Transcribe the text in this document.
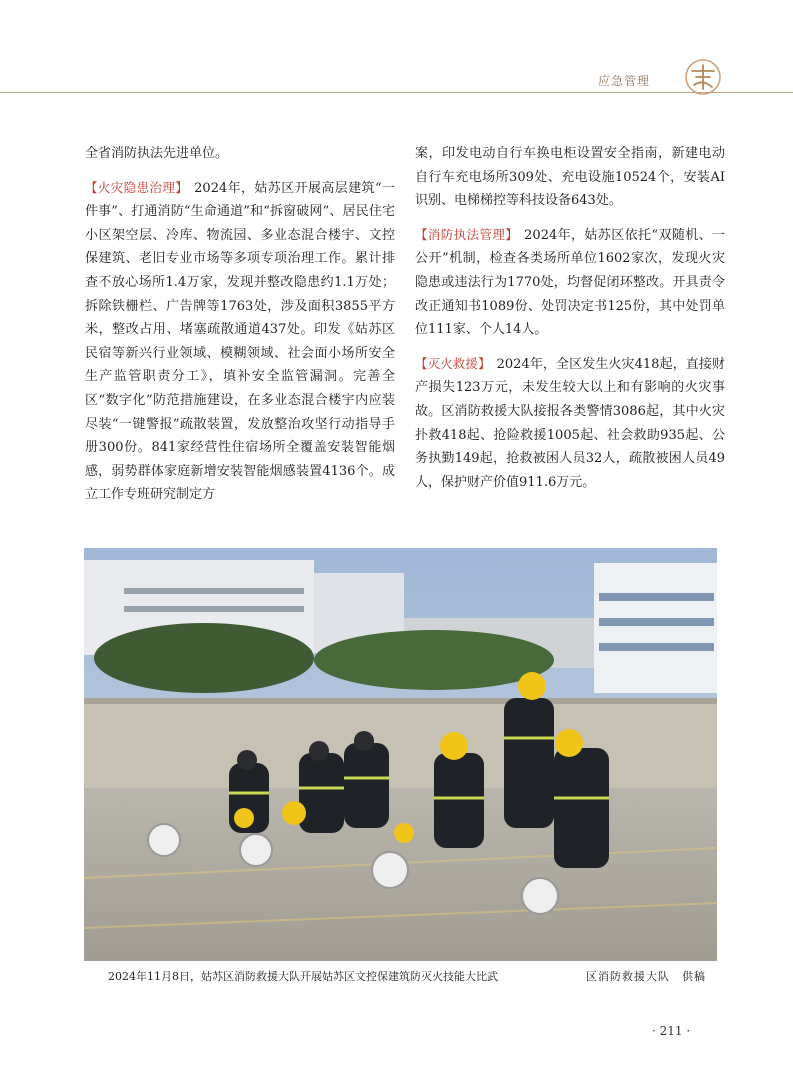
应急管理

全省消防执法先进单位。

【火灾隐患治理】 2024年，姑苏区开展高层建筑“一件事”、打通消防“生命通道”和“拆窗破网”、居民住宅小区架空层、冷库、物流园、多业态混合楼宇、文控保建筑、老旧专业市场等多项专项治理工作。累计排查不放心场所1.4万家，发现并整改隐患约1.1万处；拆除铁栅栏、广告牌等1763处，涉及面积3855平方米，整改占用、堵塞疏散通道437处。印发《姑苏区民宿等新兴行业领域、模糊领域、社会面小场所安全生产监管职责分工》，填补安全监管漏洞。完善全区“数字化”防范措施建设，在多业态混合楼宇内应装尽装“一键警报”疏散装置，发放整治攻坚行动指导手册300份。841家经营性住宿场所全覆盖安装智能烟感，弱势群体家庭新增安装智能烟感装置4136个。成立工作专班研究制定方

案，印发电动自行车换电柜设置安全指南，新建电动自行车充电场所309处、充电设施10524个，安装AI识别、电梯梯控等科技设备643处。

【消防执法管理】 2024年，姑苏区依托“双随机、一公开”机制，检查各类场所单位1602家次，发现火灾隐患或违法行为1770处，均督促闭环整改。开具责令改正通知书1089份、处罚决定书125份，其中处罚单位111家、个人14人。

【灭火救援】 2024年，全区发生火灾418起，直接财产损失123万元，未发生较大以上和有影响的火灾事故。区消防救援大队接报各类警情3086起，其中火灾扑救418起、抢险救援1005起、社会救助935起、公务执勤149起，抢救被困人员32人，疏散被困人员49人，保护财产价值911.6万元。

2024年11月8日，姑苏区消防救援大队开展姑苏区文控保建筑防灭火技能大比武	区消防救援大队　供稿
· 211 ·
